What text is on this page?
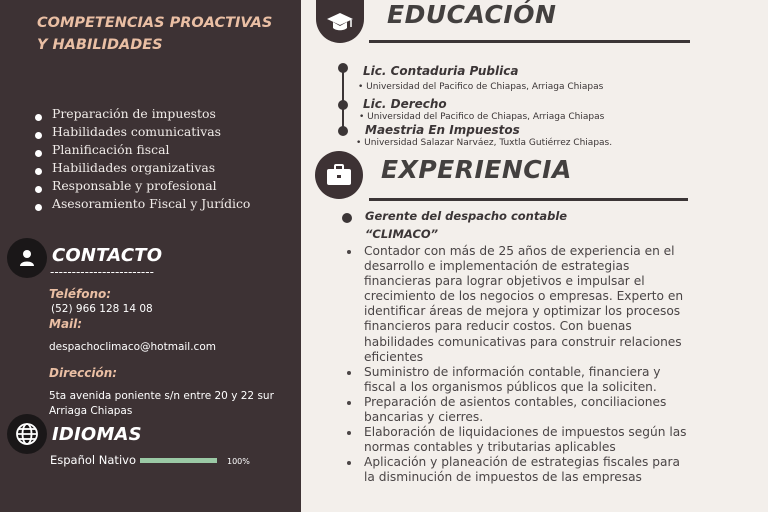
COMPETENCIAS PROACTIVAS Y HABILIDADES
Preparación de impuestos
Habilidades comunicativas
Planificación fiscal
Habilidades organizativas
Responsable y profesional
Asesoramiento Fiscal y Jurídico
CONTACTO
------------------------
Teléfono:
(52) 966 128 14 08
Mail:
despachoclimaco@hotmail.com
Dirección:
5ta avenida poniente s/n entre 20 y 22 sur Arriaga Chiapas
IDIOMAS
Español Nativo	100%
EDUCACIÓN
Lic. Contaduria Publica
• Universidad del Pacifico de Chiapas, Arriaga Chiapas
Lic. Derecho
• Universidad del Pacifico de Chiapas, Arriaga Chiapas
Maestria En Impuestos
• Universidad Salazar Narváez, Tuxtla Gutiérrez Chiapas.
EXPERIENCIA
Gerente del despacho contable
“CLIMACO”
Contador con más de 25 años de experiencia en el desarrollo e implementación de estrategias financieras para lograr objetivos e impulsar el crecimiento de los negocios o empresas. Experto en identificar áreas de mejora y optimizar los procesos financieros para reducir costos. Con buenas habilidades comunicativas para construir relaciones eficientes
Suministro de información contable, financiera y fiscal a los organismos públicos que la soliciten.
Preparación de asientos contables, conciliaciones bancarias y cierres.
Elaboración de liquidaciones de impuestos según las normas contables y tributarias aplicables
Aplicación y planeación de estrategias fiscales para la disminución de impuestos de las empresas
